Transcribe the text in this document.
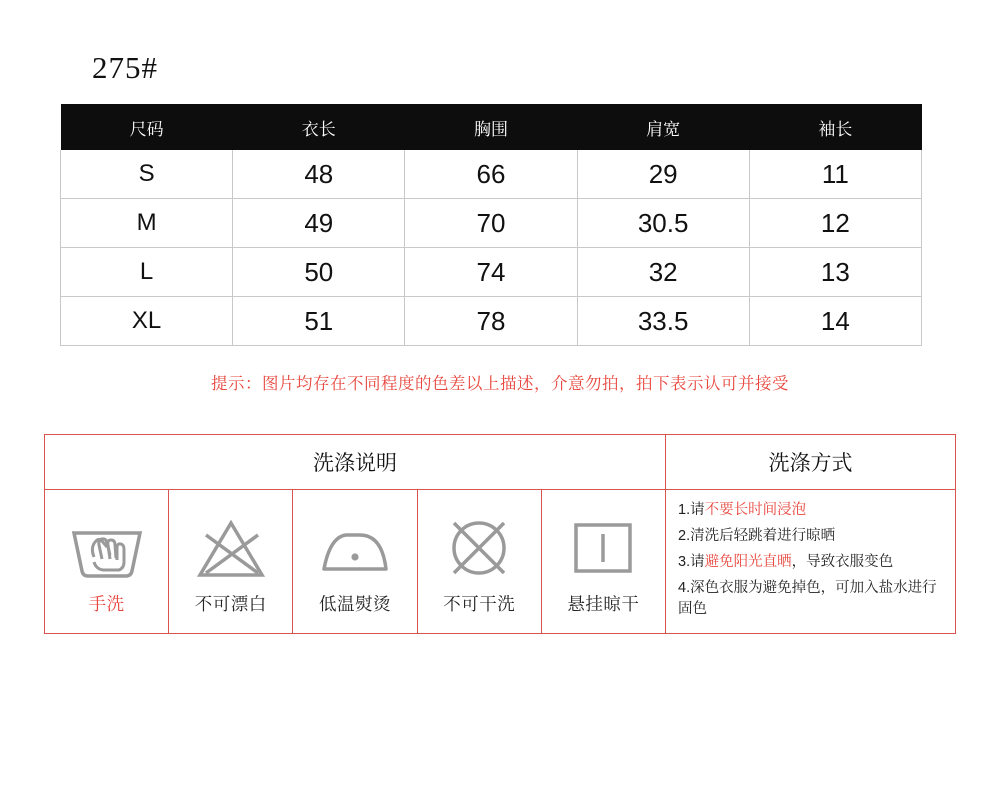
275#
尺码	衣长	胸围	肩宽	袖长
S	48	66	29	11
M	49	70	30.5	12
L	50	74	32	13
XL	51	78	33.5	14
提示：图片均存在不同程度的色差以上描述，介意勿拍，拍下表示认可并接受
洗涤说明	洗涤方式
手洗	不可漂白	低温熨烫	不可干洗	悬挂晾干

1.请不要长时间浸泡

2.清洗后轻跳着进行晾晒

3.请避免阳光直晒，导致衣服变色

4.深色衣服为避免掉色，可加入盐水进行固色
